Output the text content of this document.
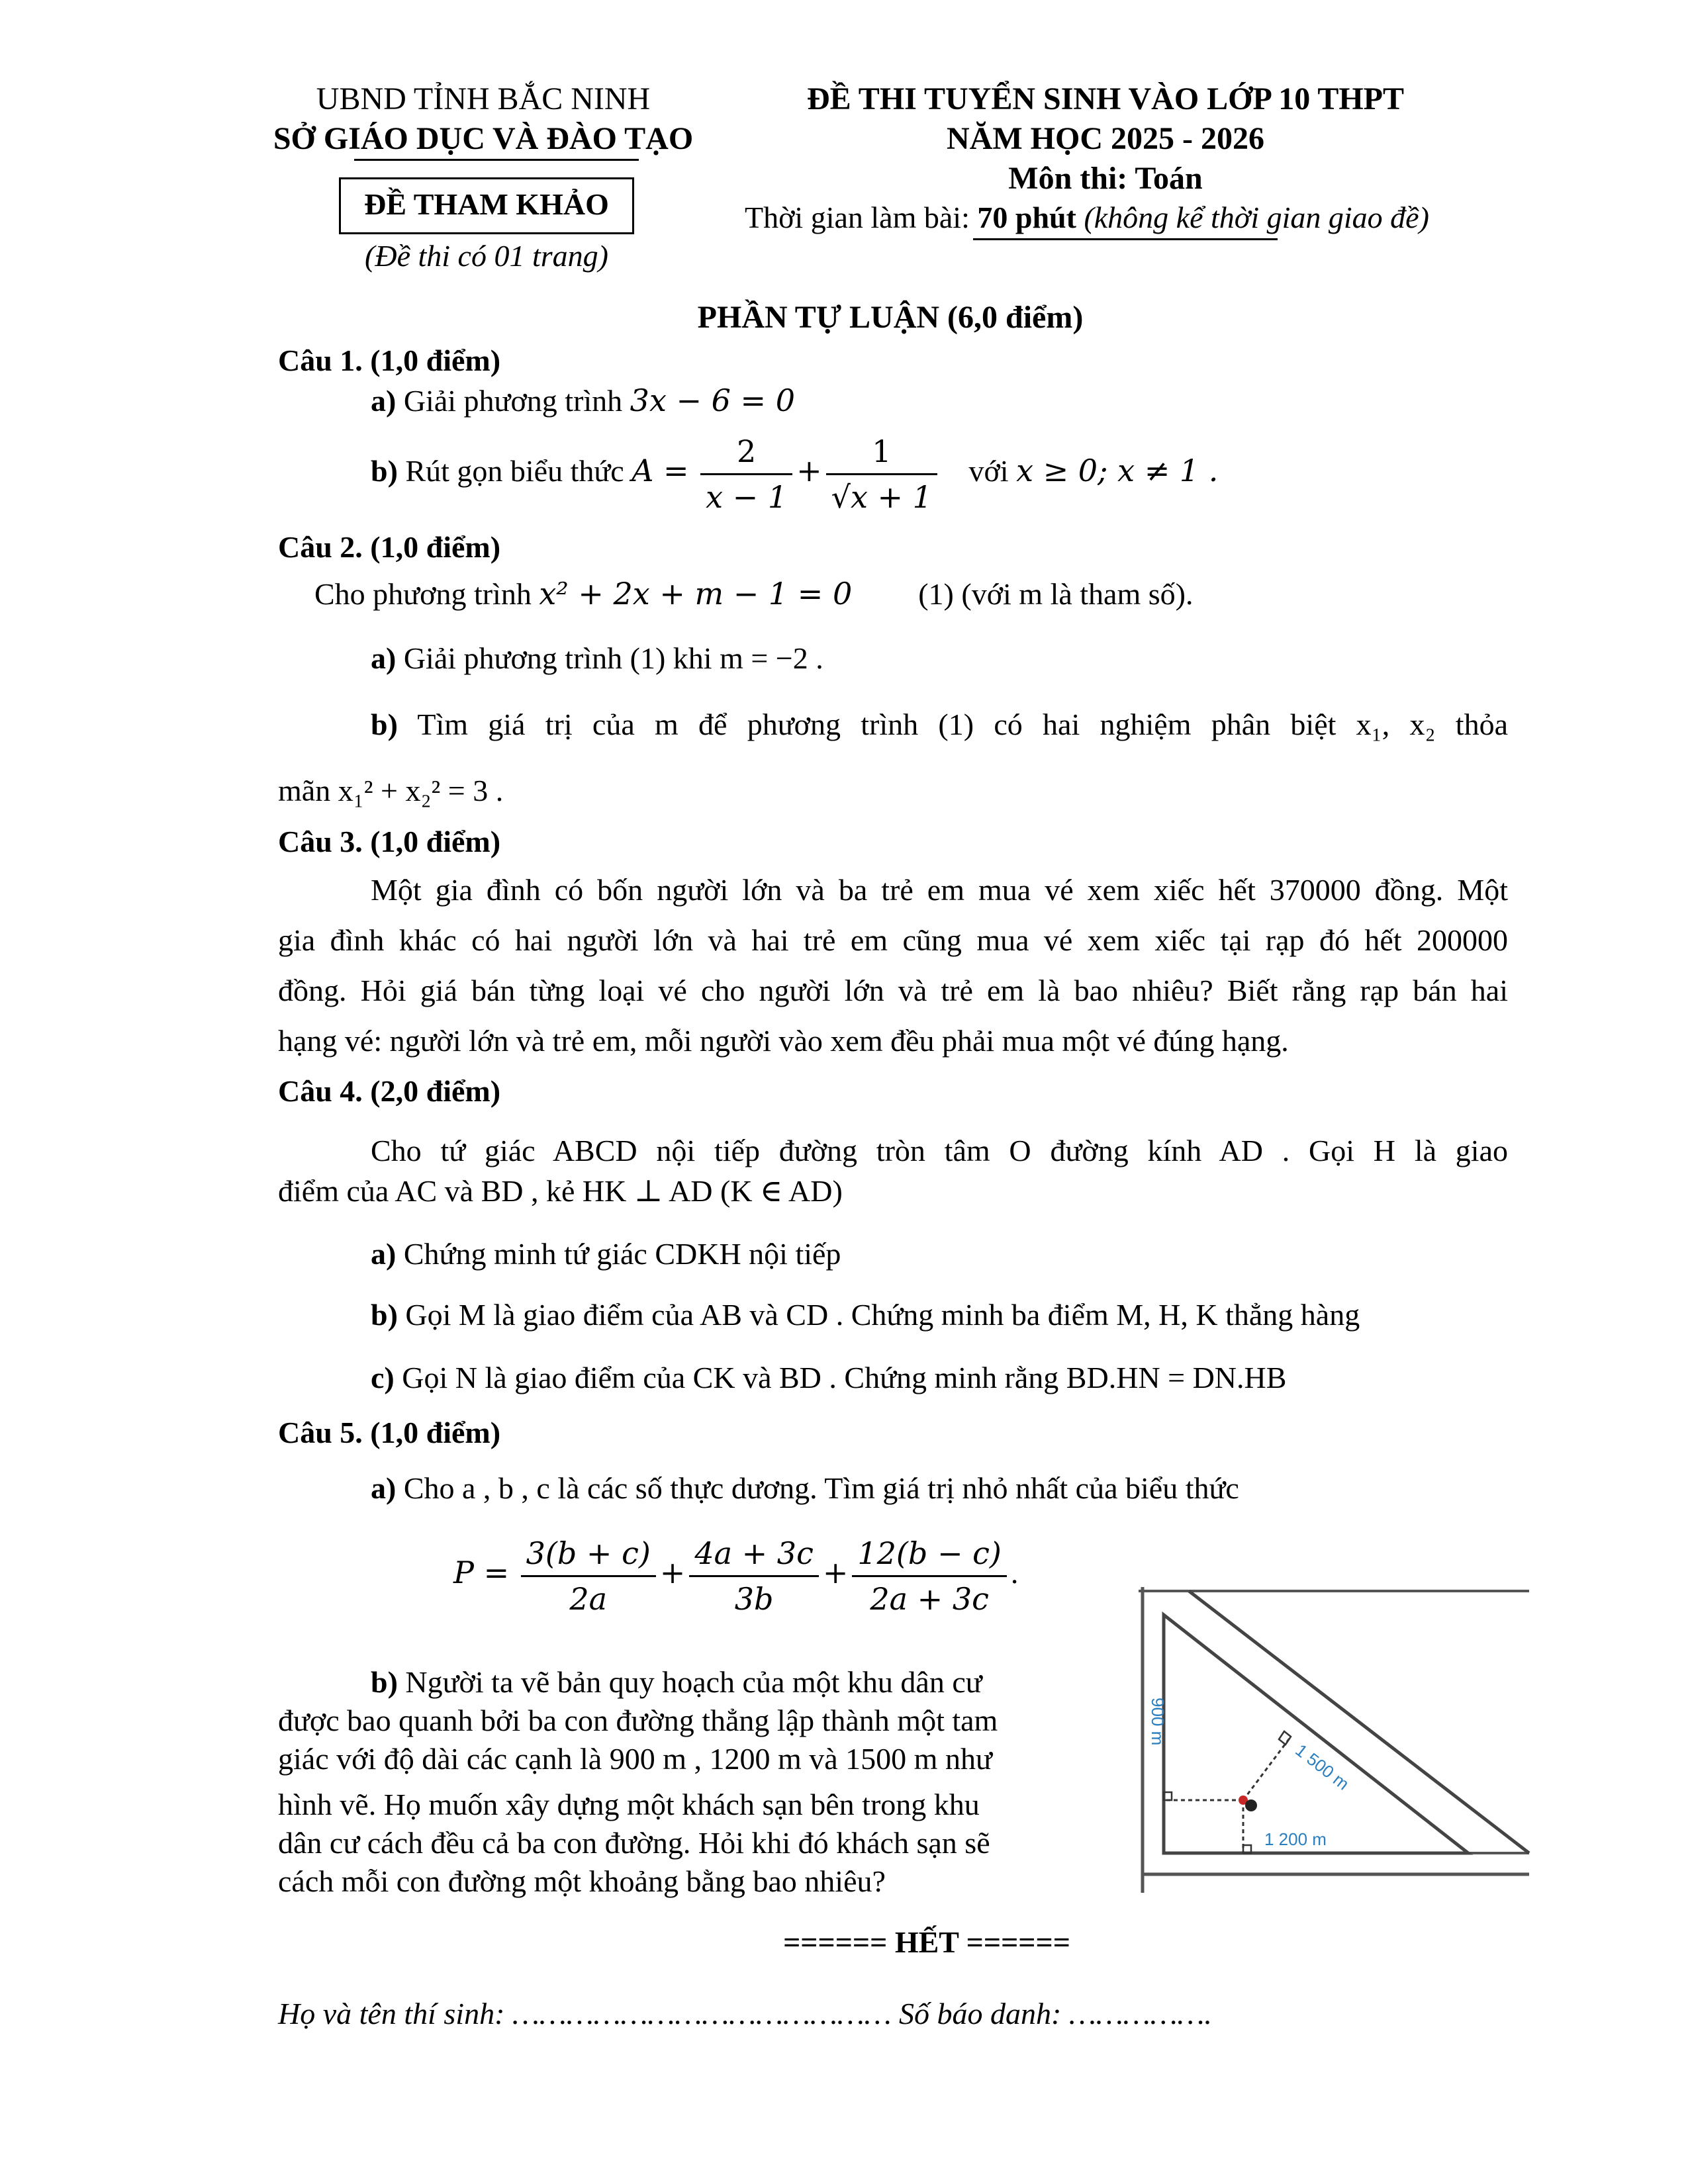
UBND TỈNH BẮC NINH
SỞ GIÁO DỤC VÀ ĐÀO TẠO
ĐỀ THAM KHẢO
(Đề thi có 01 trang)
ĐỀ THI TUYỂN SINH VÀO LỚP 10 THPT
NĂM HỌC 2025 - 2026
Môn thi: Toán
Thời gian làm bài: 70 phút (không kể thời gian giao đề)
PHẦN TỰ LUẬN (6,0 điểm)
Câu 1. (1,0 điểm)
a) Giải phương trình 3x − 6 = 0
b) Rút gọn biểu thức $A = \frac{2}{x - 1} + \frac{1}{√x + 1}$ với x ≥ 0; x ≠ 1 .
Câu 2. (1,0 điểm)
Cho phương trình x² + 2x + m − 1 = 0 (1) (với m là tham số).
a) Giải phương trình (1) khi m = −2 .
b) Tìm giá trị của m để phương trình (1) có hai nghiệm phân biệt x₁, x₂ thỏa
mãn x₁² + x₂² = 3 .
Câu 3. (1,0 điểm)
Một gia đình có bốn người lớn và ba trẻ em mua vé xem xiếc hết 370000 đồng. Một
gia đình khác có hai người lớn và hai trẻ em cũng mua vé xem xiếc tại rạp đó hết 200000
đồng. Hỏi giá bán từng loại vé cho người lớn và trẻ em là bao nhiêu? Biết rằng rạp bán hai
hạng vé: người lớn và trẻ em, mỗi người vào xem đều phải mua một vé đúng hạng.
Câu 4. (2,0 điểm)
Cho tứ giác ABCD nội tiếp đường tròn tâm O đường kính AD . Gọi H là giao
điểm của AC và BD , kẻ HK ⊥ AD (K ∈ AD)
a) Chứng minh tứ giác CDKH nội tiếp
b) Gọi M là giao điểm của AB và CD . Chứng minh ba điểm M, H, K thẳng hàng
c) Gọi N là giao điểm của CK và BD . Chứng minh rằng BD.HN = DN.HB
Câu 5. (1,0 điểm)
a) Cho a , b , c là các số thực dương. Tìm giá trị nhỏ nhất của biểu thức
$P = \frac{3(b + c)}{2a} + \frac{4a + 3c}{3b} + \frac{12(b - c)}{2a + 3c}$ .
b) Người ta vẽ bản quy hoạch của một khu dân cư
được bao quanh bởi ba con đường thẳng lập thành một tam
giác với độ dài các cạnh là 900 m , 1200 m và 1500 m như
hình vẽ. Họ muốn xây dựng một khách sạn bên trong khu
dân cư cách đều cả ba con đường. Hỏi khi đó khách sạn sẽ
cách mỗi con đường một khoảng bằng bao nhiêu?
900 m
1 500 m
1 200 m
====== HẾT ======
Họ và tên thí sinh: …………………………………… Số báo danh: …………….
